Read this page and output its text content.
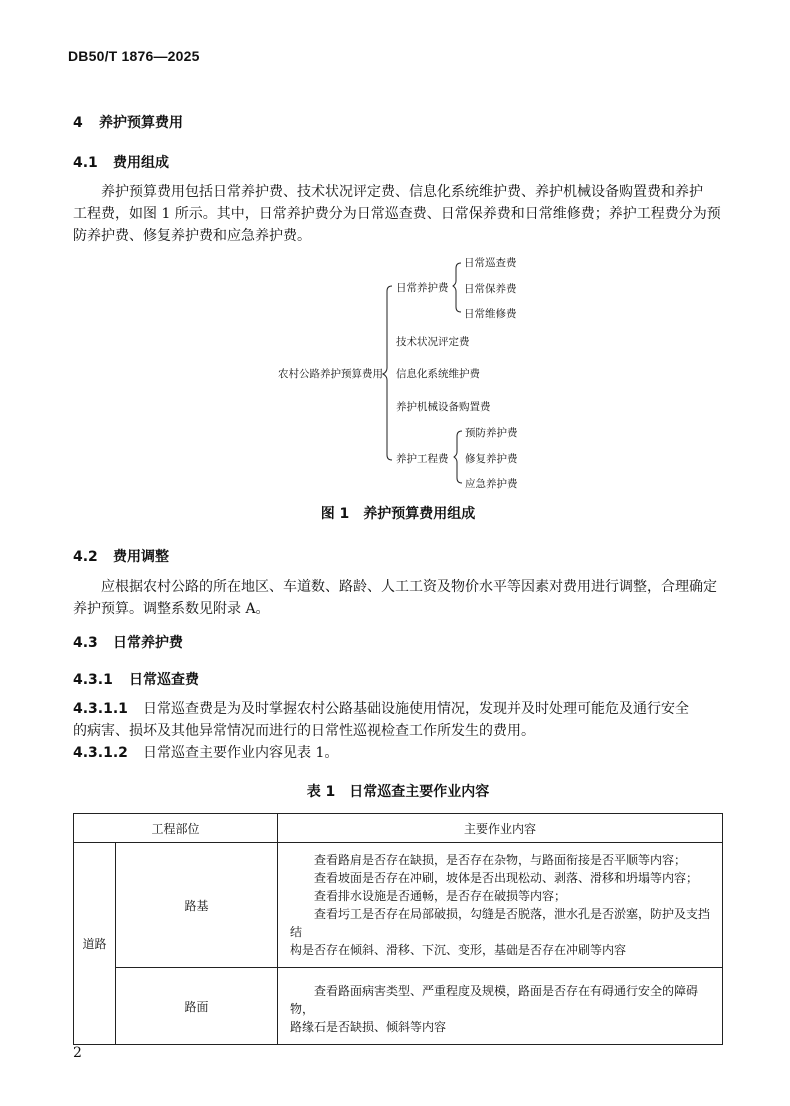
DB50/T 1876—2025
4 养护预算费用
4.1 费用组成

养护预算费用包括日常养护费、技术状况评定费、信息化系统维护费、养护机械设备购置费和养护

工程费，如图 1 所示。其中，日常养护费分为日常巡查费、日常保养费和日常维修费；养护工程费分为预

防养护费、修复养护费和应急养护费。

农村公路养护预算费用
日常养护费
日常巡查费
日常保养费
日常维修费
技术状况评定费
信息化系统维护费
养护机械设备购置费
养护工程费
预防养护费
修复养护费
应急养护费
图 1　养护预算费用组成
4.2 费用调整

应根据农村公路的所在地区、车道数、路龄、人工工资及物价水平等因素对费用进行调整，合理确定

养护预算。调整系数见附录 A。

4.3 日常养护费
4.3.1 日常巡查费

4.3.1.1 日常巡查费是为及时掌握农村公路基础设施使用情况，发现并及时处理可能危及通行安全

的病害、损坏及其他异常情况而进行的日常性巡视检查工作所发生的费用。

4.3.1.2 日常巡查主要作业内容见表 1。

表 1　日常巡查主要作业内容
工程部位		主要作业内容
道路	路基	查看路肩是否存在缺损，是否存在杂物，与路面衔接是否平顺等内容；
查看坡面是否存在冲刷，坡体是否出现松动、剥落、滑移和坍塌等内容；
查看排水设施是否通畅，是否存在破损等内容；
查看圬工是否存在局部破损，勾缝是否脱落，泄水孔是否淤塞，防护及支挡结
构是否存在倾斜、滑移、下沉、变形，基础是否存在冲刷等内容

	路面	查看路面病害类型、严重程度及规模，路面是否存在有碍通行安全的障碍物，
路缘石是否缺损、倾斜等内容
2
